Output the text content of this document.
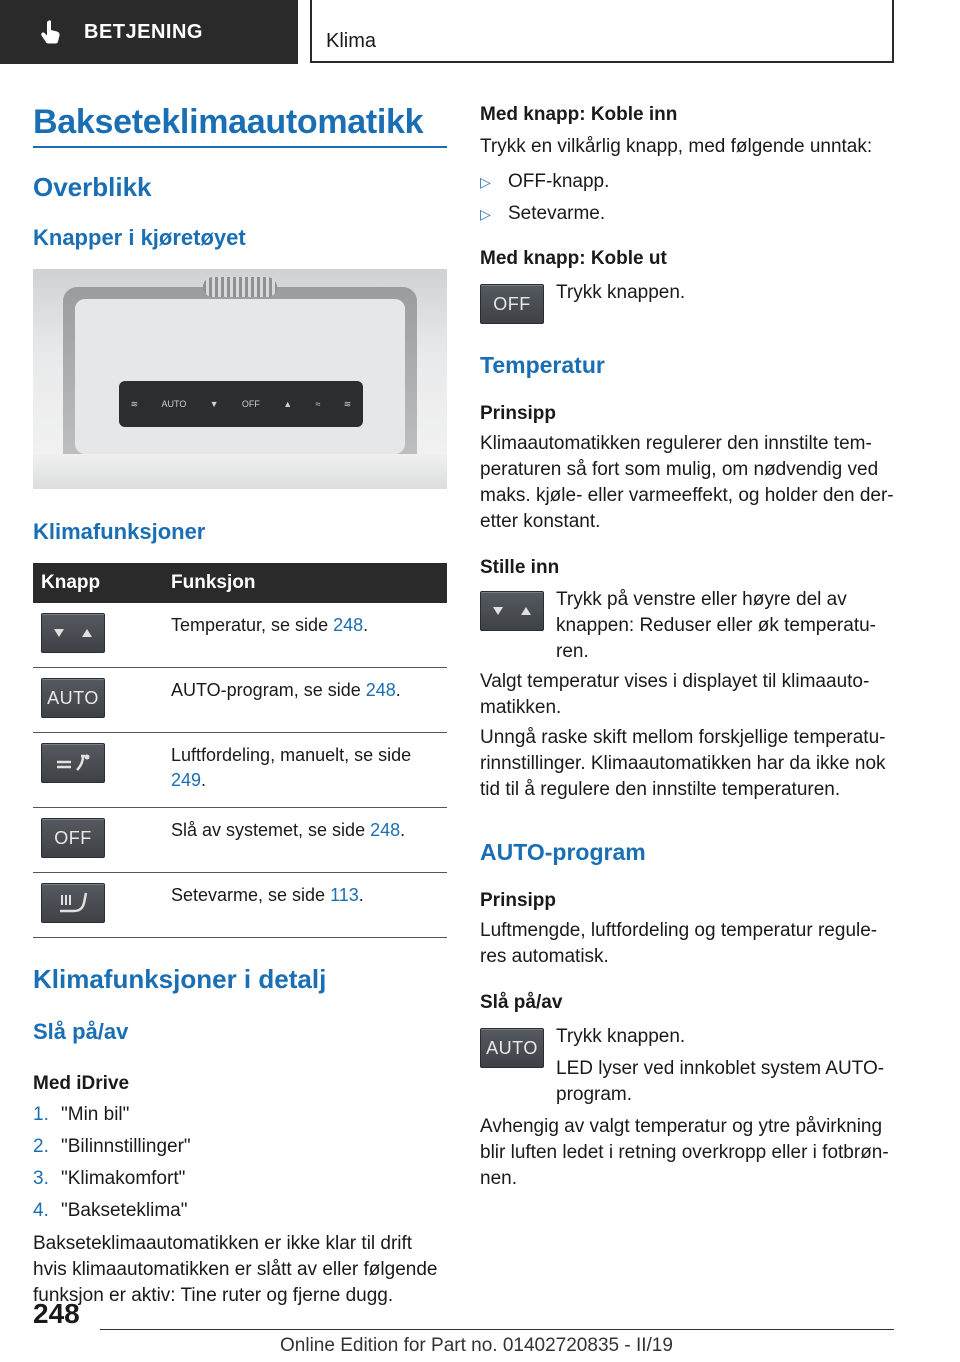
BETJENING	Klima
Bakseteklimaautomatikk
Overblikk
Knapper i kjøretøyet
≋	AUTO	▼	OFF	▲	≈	≋
Klimafunksjoner
Knapp	Funksjon

	Temperatur, se side 248.

AUTO	AUTO-program, se side 248.

	Luftfordeling, manuelt, se side 249.

OFF	Slå av systemet, se side 248.

	Setevarme, se side 113.
Klimafunksjoner i detalj
Slå på/av
Med iDrive
1. "Min bil"
2. "Bilinnstillinger"
3. "Klimakomfort"
4. "Bakseteklima"

Bakseteklimaautomatikken er ikke klar til drift hvis klimaautomatikken er slått av eller følgende funksjon er aktiv: Tine ruter og fjerne dugg.

Med knapp: Koble inn

Trykk en vilkårlig knapp, med følgende unntak:

▷ OFF-knapp.
▷ Setevarme.
Med knapp: Koble ut
OFF

Trykk knappen.

Temperatur
Prinsipp

Klimaautomatikken regulerer den innstilte tem-peraturen så fort som mulig, om nødvendig ved maks. kjøle- eller varmeeffekt, og holder den der-etter konstant.

Stille inn

Trykk på venstre eller høyre del av knappen: Reduser eller øk temperatu-ren.

Valgt temperatur vises i displayet til klimaauto-matikken.

Unngå raske skift mellom forskjellige temperatu-rinnstillinger. Klimaautomatikken har da ikke nok tid til å regulere den innstilte temperaturen.

AUTO-program
Prinsipp

Luftmengde, luftfordeling og temperatur regule-res automatisk.

Slå på/av
AUTO

Trykk knappen.

LED lyser ved innkoblet system AUTO-program.

Avhengig av valgt temperatur og ytre påvirkning blir luften ledet i retning overkropp eller i fotbrøn-nen.

248
Online Edition for Part no. 01402720835 - II/19
